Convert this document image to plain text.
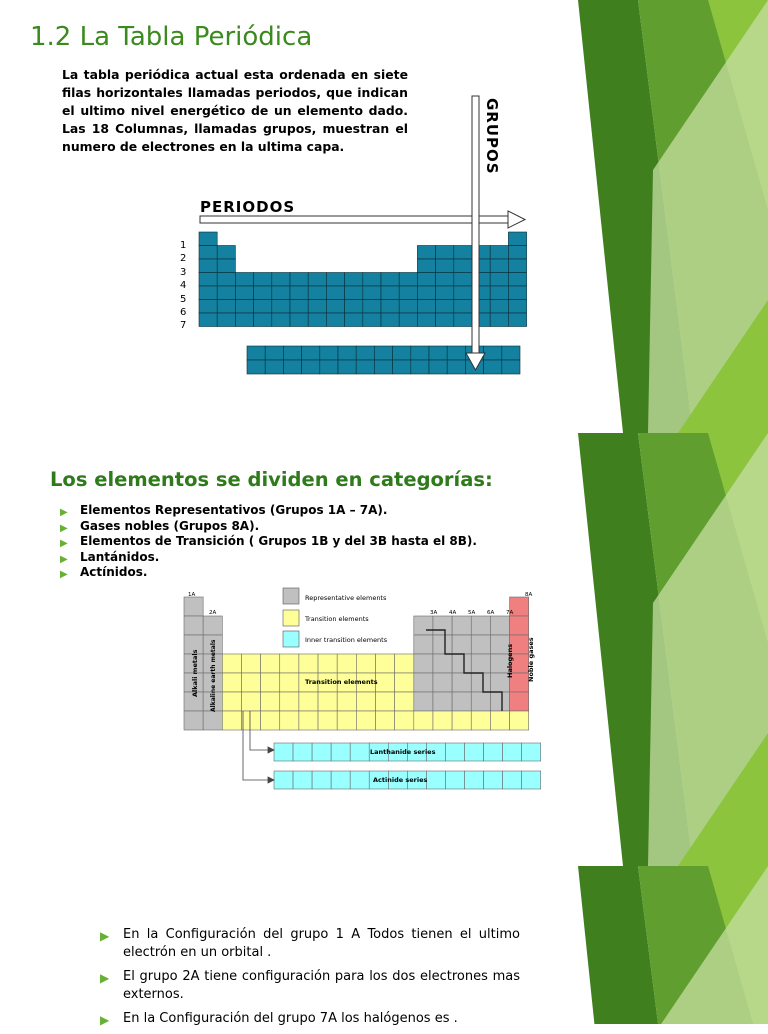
1.2 La Tabla Periódica

La tabla periódica actual esta ordenada en siete filas horizontales llamadas periodos, que indican el ultimo nivel energético de un elemento dado. Las 18 Columnas, llamadas grupos, muestran el numero de electrones en la ultima capa.

1
2
3
4
5
6
7
PERIODOS
GRUPOS
Los elementos se dividen en categorías:
▶ Elementos Representativos (Grupos 1A – 7A).
▶ Gases nobles (Grupos 8A).
▶ Elementos de Transición ( Grupos 1B y del 3B hasta el 8B).
▶ Lantánidos.
▶ Actínidos.
Representative elements
Transition elements
Inner transition elements
1A
2A	3A 4A 5A 6A 7A
8A
Alkali metals Alkaline earth metals	Transition elements
Halogens Noble gases
Lanthanide series
Actinide series
▶ En la Configuración del grupo 1 A Todos tienen el ultimo electrón en un orbital .
▶ El grupo 2A tiene configuración para los dos electrones mas externos.
▶ En la Configuración del grupo 7A los halógenos es .
